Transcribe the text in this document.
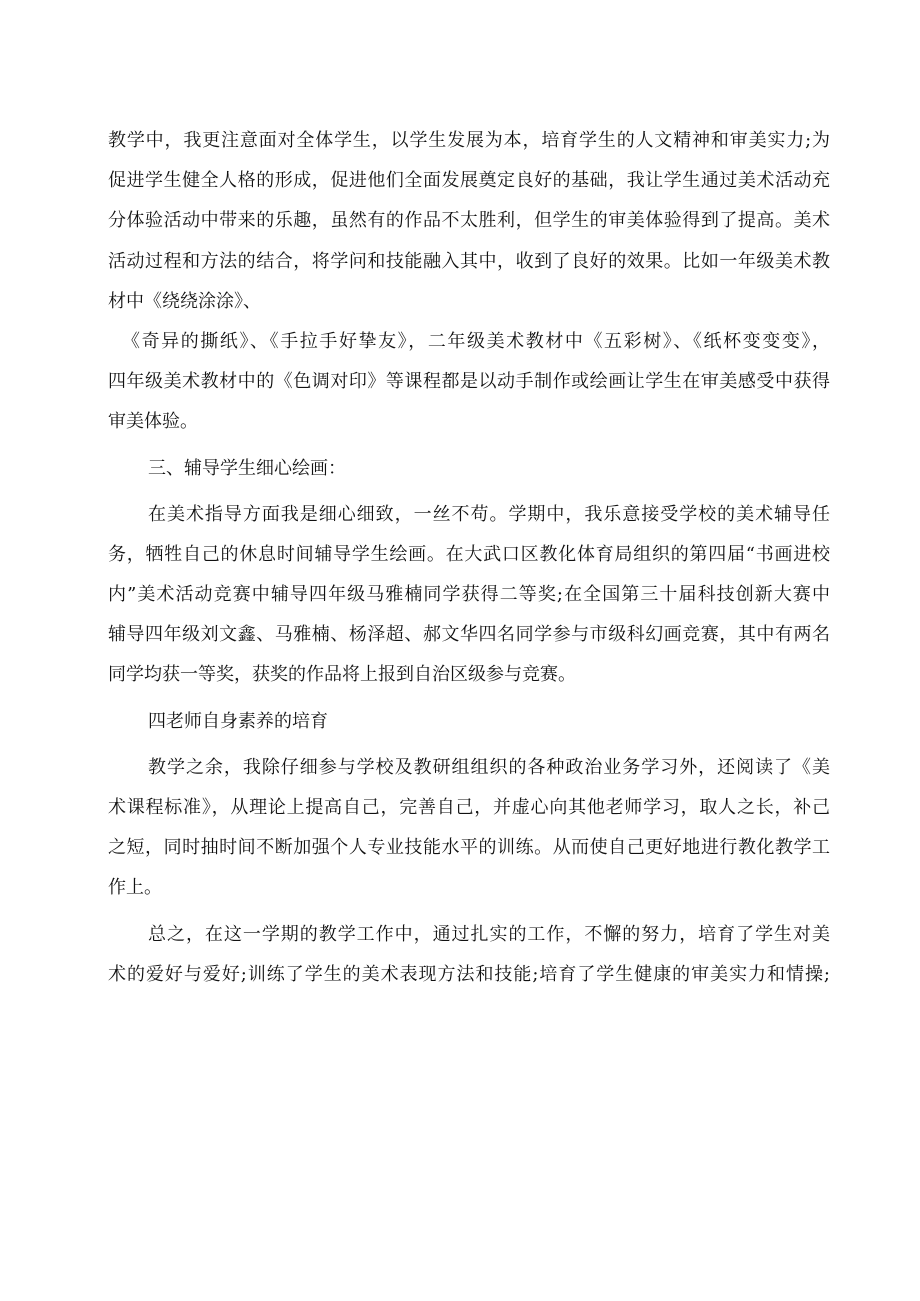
教学中，我更注意面对全体学生，以学生发展为本，培育学生的人文精神和审美实力;为
促进学生健全人格的形成，促进他们全面发展奠定良好的基础，我让学生通过美术活动充
分体验活动中带来的乐趣，虽然有的作品不太胜利，但学生的审美体验得到了提高。美术
活动过程和方法的结合，将学问和技能融入其中，收到了良好的效果。比如一年级美术教
材中《绕绕涂涂》、
《奇异的撕纸》、《手拉手好挚友》，二年级美术教材中《五彩树》、《纸杯变变变》，
四年级美术教材中的《色调对印》等课程都是以动手制作或绘画让学生在审美感受中获得
审美体验。
三、辅导学生细心绘画：
在美术指导方面我是细心细致，一丝不苟。学期中，我乐意接受学校的美术辅导任
务，牺牲自己的休息时间辅导学生绘画。在大武口区教化体育局组织的第四届“书画进校
内”美术活动竞赛中辅导四年级马雅楠同学获得二等奖;在全国第三十届科技创新大赛中
辅导四年级刘文鑫、马雅楠、杨泽超、郝文华四名同学参与市级科幻画竞赛，其中有两名
同学均获一等奖，获奖的作品将上报到自治区级参与竞赛。
四老师自身素养的培育
教学之余，我除仔细参与学校及教研组组织的各种政治业务学习外，还阅读了《美
术课程标准》，从理论上提高自己，完善自己，并虚心向其他老师学习，取人之长，补己
之短，同时抽时间不断加强个人专业技能水平的训练。从而使自己更好地进行教化教学工
作上。
总之，在这一学期的教学工作中，通过扎实的工作，不懈的努力，培育了学生对美
术的爱好与爱好;训练了学生的美术表现方法和技能;培育了学生健康的审美实力和情操;
